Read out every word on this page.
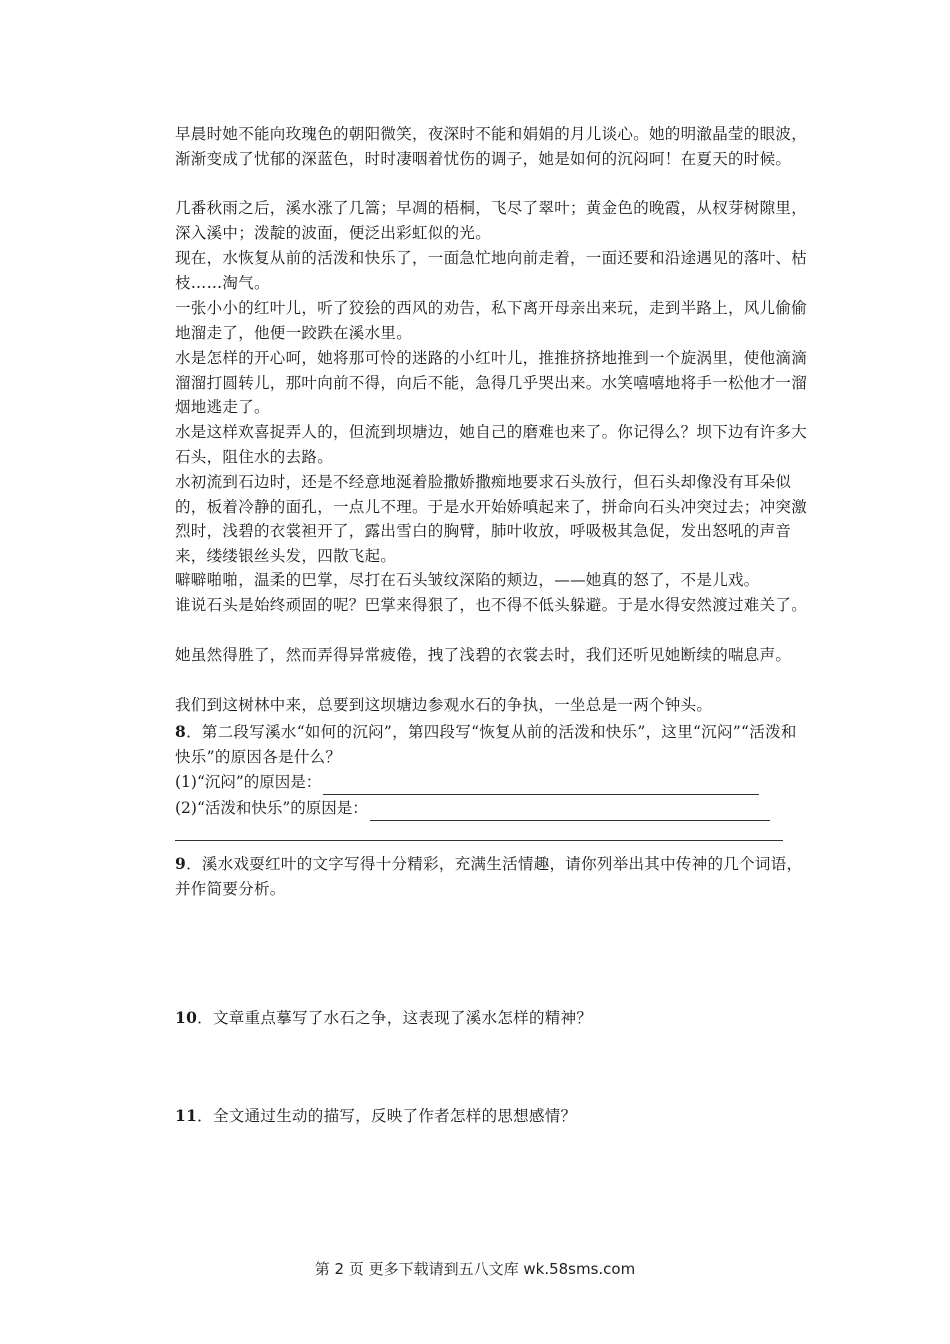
早晨时她不能向玫瑰色的朝阳微笑，夜深时不能和娟娟的月儿谈心。她的明澈晶莹的眼波，渐渐变成了忧郁的深蓝色，时时凄咽着忧伤的调子，她是如何的沉闷呵！在夏天的时候。

几番秋雨之后，溪水涨了几篙；早凋的梧桐，飞尽了翠叶；黄金色的晚霞，从杈芽树隙里，深入溪中；泼靛的波面，便泛出彩虹似的光。

现在，水恢复从前的活泼和快乐了，一面急忙地向前走着，一面还要和沿途遇见的落叶、枯枝……淘气。

一张小小的红叶儿，听了狡狯的西风的劝告，私下离开母亲出来玩，走到半路上，风儿偷偷地溜走了，他便一跤跌在溪水里。

水是怎样的开心呵，她将那可怜的迷路的小红叶儿，推推挤挤地推到一个旋涡里，使他滴滴溜溜打圆转儿，那叶向前不得，向后不能，急得几乎哭出来。水笑嘻嘻地将手一松他才一溜烟地逃走了。

水是这样欢喜捉弄人的，但流到坝塘边，她自己的磨难也来了。你记得么？坝下边有许多大石头，阻住水的去路。

水初流到石边时，还是不经意地涎着脸撒娇撒痴地要求石头放行，但石头却像没有耳朵似的，板着冷静的面孔，一点儿不理。于是水开始娇嗔起来了，拼命向石头冲突过去；冲突激烈时，浅碧的衣裳袒开了，露出雪白的胸臂，肺叶收放，呼吸极其急促，发出怒吼的声音来，缕缕银丝头发，四散飞起。

噼噼啪啪，温柔的巴掌，尽打在石头皱纹深陷的颊边，——她真的怒了，不是儿戏。

谁说石头是始终顽固的呢？巴掌来得狠了，也不得不低头躲避。于是水得安然渡过难关了。

她虽然得胜了，然而弄得异常疲倦，拽了浅碧的衣裳去时，我们还听见她断续的喘息声。

我们到这树林中来，总要到这坝塘边参观水石的争执，一坐总是一两个钟头。

8．第二段写溪水“如何的沉闷”，第四段写“恢复从前的活泼和快乐”，这里“沉闷”“活泼和快乐”的原因各是什么？
(1)“沉闷”的原因是：
(2)“活泼和快乐”的原因是：
9．溪水戏耍红叶的文字写得十分精彩，充满生活情趣，请你列举出其中传神的几个词语，并作简要分析。
10．文章重点摹写了水石之争，这表现了溪水怎样的精神？
11．全文通过生动的描写，反映了作者怎样的思想感情？
第 2 页 更多下载请到五八文库 wk.58sms.com
